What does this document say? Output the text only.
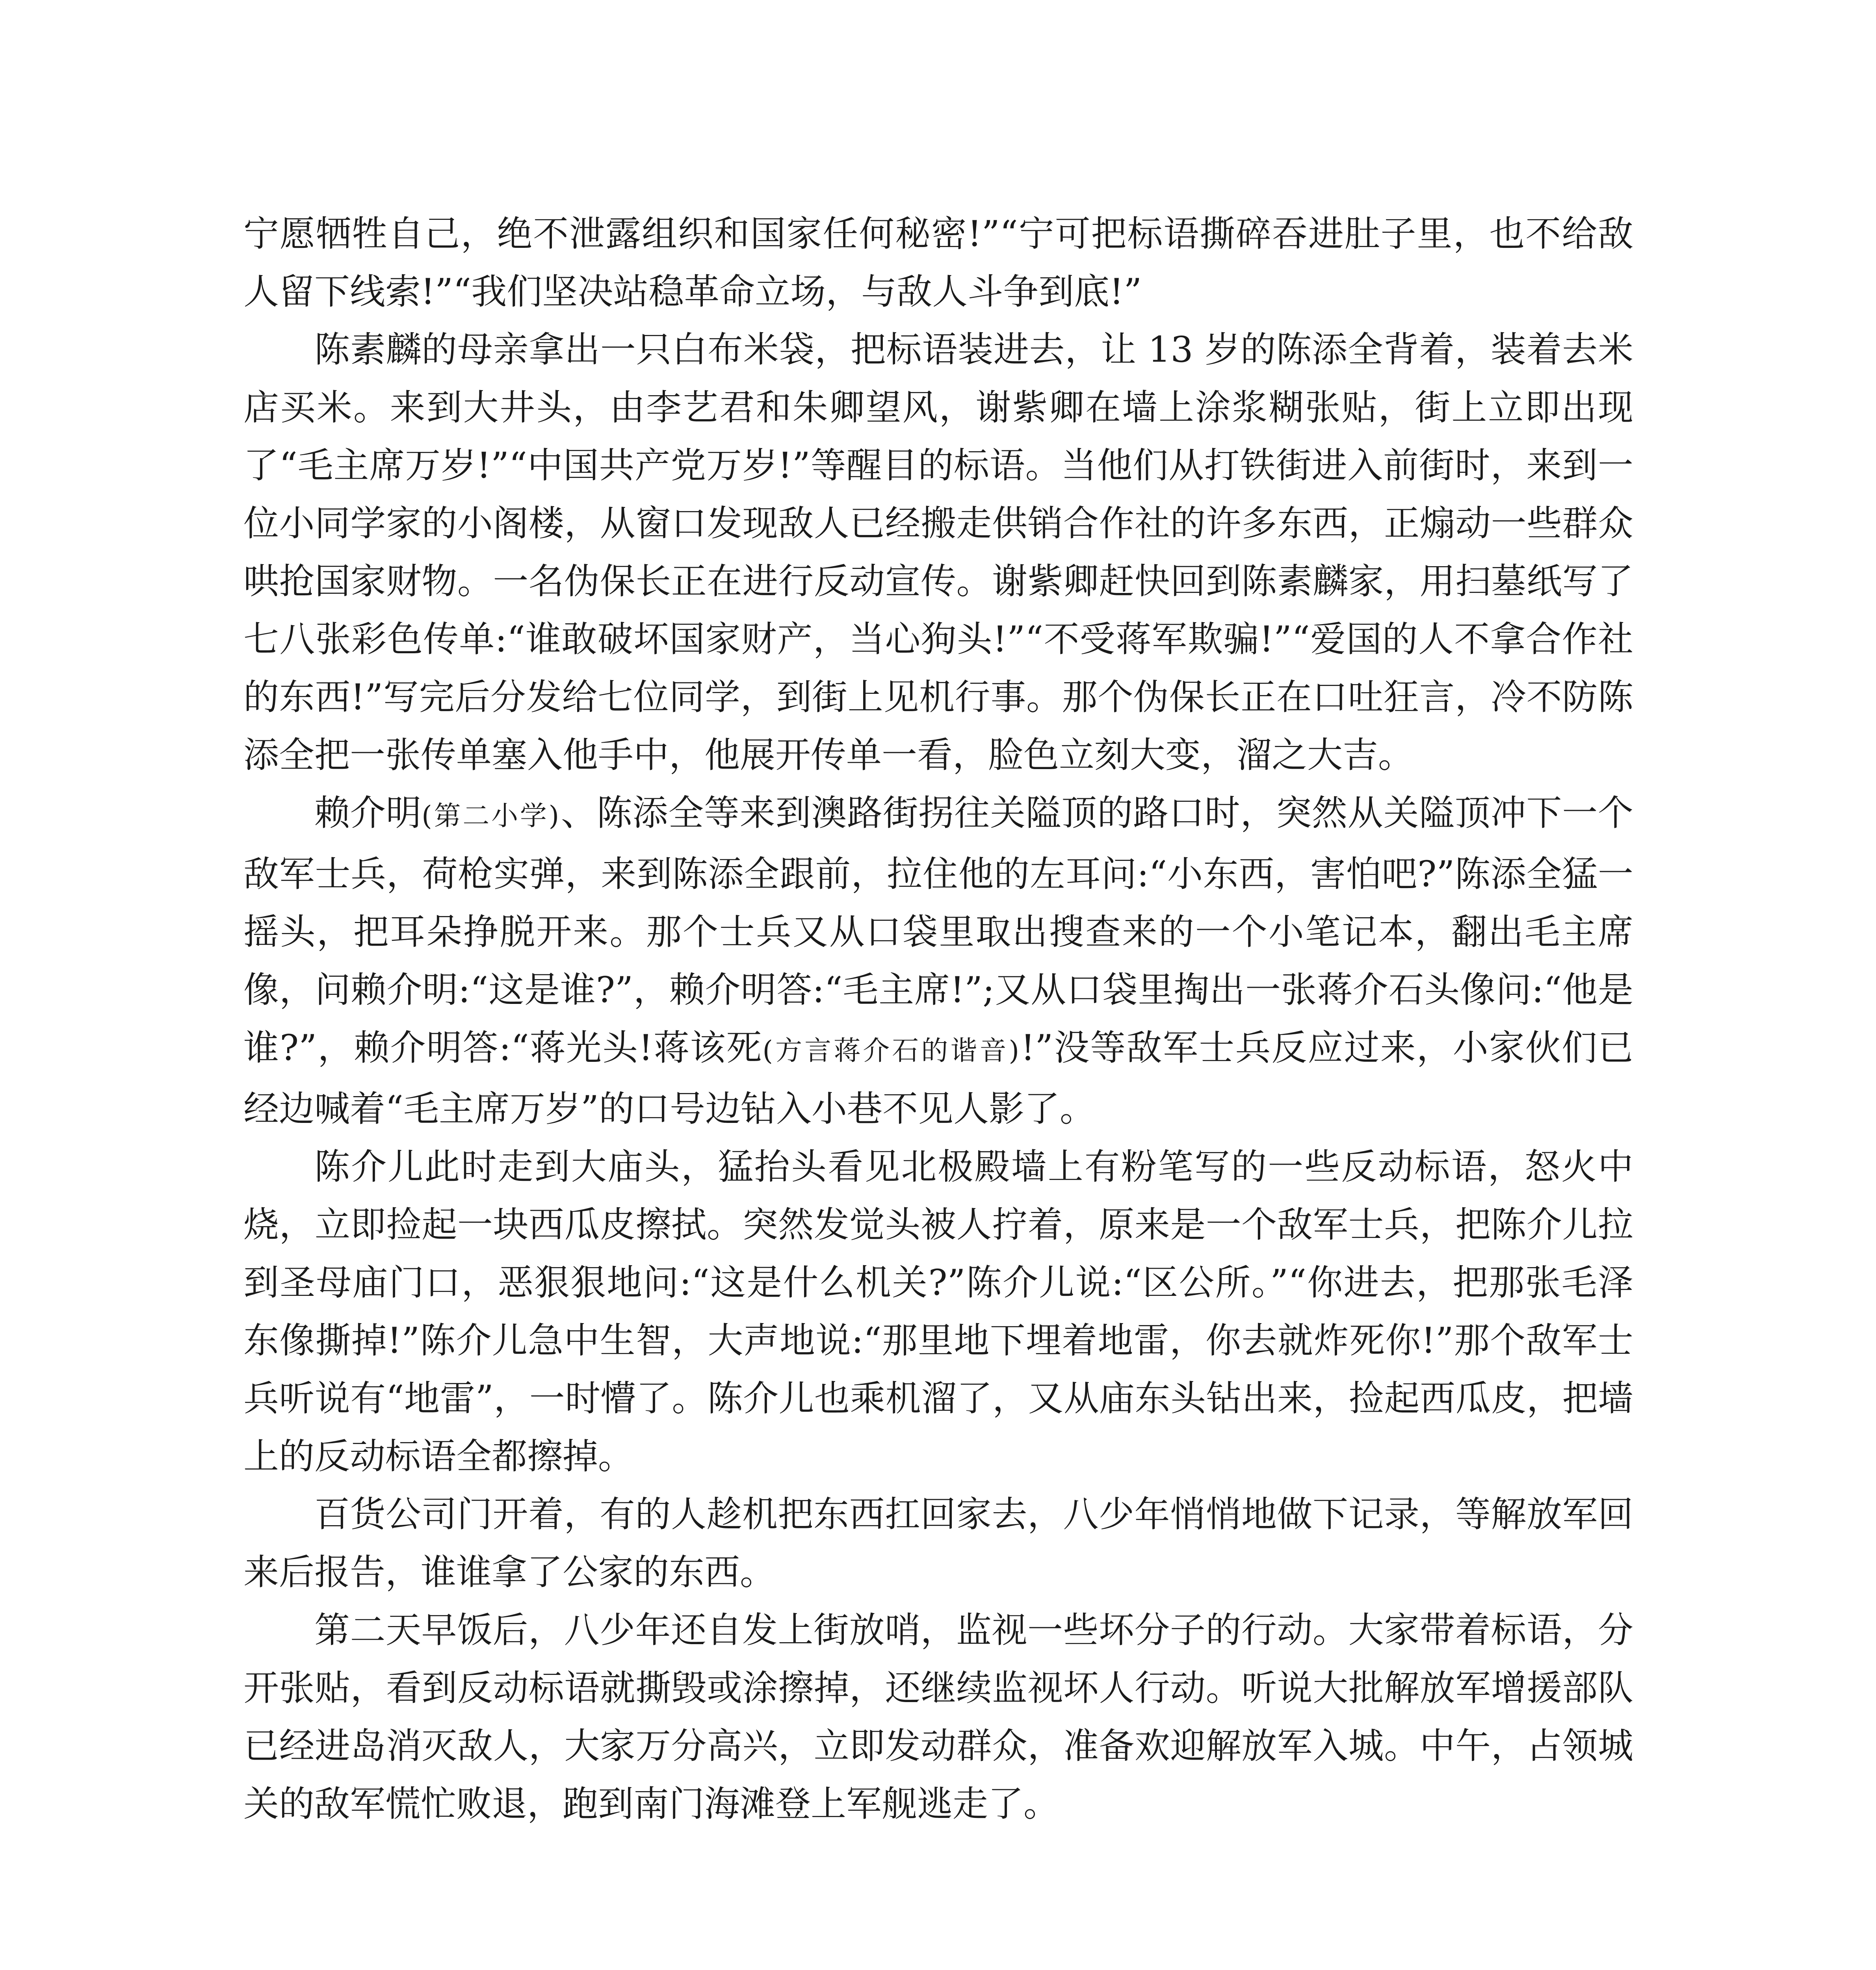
宁愿牺牲自己，绝不泄露组织和国家任何秘密!”“宁可把标语撕碎吞进肚子里，也不给敌人留下线索!”“我们坚决站稳革命立场，与敌人斗争到底!”

陈素麟的母亲拿出一只白布米袋，把标语装进去，让 13 岁的陈添全背着，装着去米店买米。来到大井头，由李艺君和朱卿望风，谢紫卿在墙上涂浆糊张贴，街上立即出现了“毛主席万岁!”“中国共产党万岁!”等醒目的标语。当他们从打铁街进入前街时，来到一位小同学家的小阁楼，从窗口发现敌人已经搬走供销合作社的许多东西，正煽动一些群众哄抢国家财物。一名伪保长正在进行反动宣传。谢紫卿赶快回到陈素麟家，用扫墓纸写了七八张彩色传单:“谁敢破坏国家财产，当心狗头!”“不受蒋军欺骗!”“爱国的人不拿合作社的东西!”写完后分发给七位同学，到街上见机行事。那个伪保长正在口吐狂言，冷不防陈添全把一张传单塞入他手中，他展开传单一看，脸色立刻大变，溜之大吉。

赖介明(第二小学)、陈添全等来到澳路街拐往关隘顶的路口时，突然从关隘顶冲下一个敌军士兵，荷枪实弹，来到陈添全跟前，拉住他的左耳问:“小东西，害怕吧?”陈添全猛一摇头，把耳朵挣脱开来。那个士兵又从口袋里取出搜查来的一个小笔记本，翻出毛主席像，问赖介明:“这是谁?”，赖介明答:“毛主席!”;又从口袋里掏出一张蒋介石头像问:“他是谁?”，赖介明答:“蒋光头!蒋该死(方言蒋介石的谐音)!”没等敌军士兵反应过来，小家伙们已经边喊着“毛主席万岁”的口号边钻入小巷不见人影了。

陈介儿此时走到大庙头，猛抬头看见北极殿墙上有粉笔写的一些反动标语，怒火中烧，立即捡起一块西瓜皮擦拭。突然发觉头被人拧着，原来是一个敌军士兵，把陈介儿拉到圣母庙门口，恶狠狠地问:“这是什么机关?”陈介儿说:“区公所。”“你进去，把那张毛泽东像撕掉!”陈介儿急中生智，大声地说:“那里地下埋着地雷，你去就炸死你!”那个敌军士兵听说有“地雷”，一时懵了。陈介儿也乘机溜了，又从庙东头钻出来，捡起西瓜皮，把墙上的反动标语全都擦掉。

百货公司门开着，有的人趁机把东西扛回家去，八少年悄悄地做下记录，等解放军回来后报告，谁谁拿了公家的东西。

第二天早饭后，八少年还自发上街放哨，监视一些坏分子的行动。大家带着标语，分开张贴，看到反动标语就撕毁或涂擦掉，还继续监视坏人行动。听说大批解放军增援部队已经进岛消灭敌人，大家万分高兴，立即发动群众，准备欢迎解放军入城。中午，占领城关的敌军慌忙败退，跑到南门海滩登上军舰逃走了。
